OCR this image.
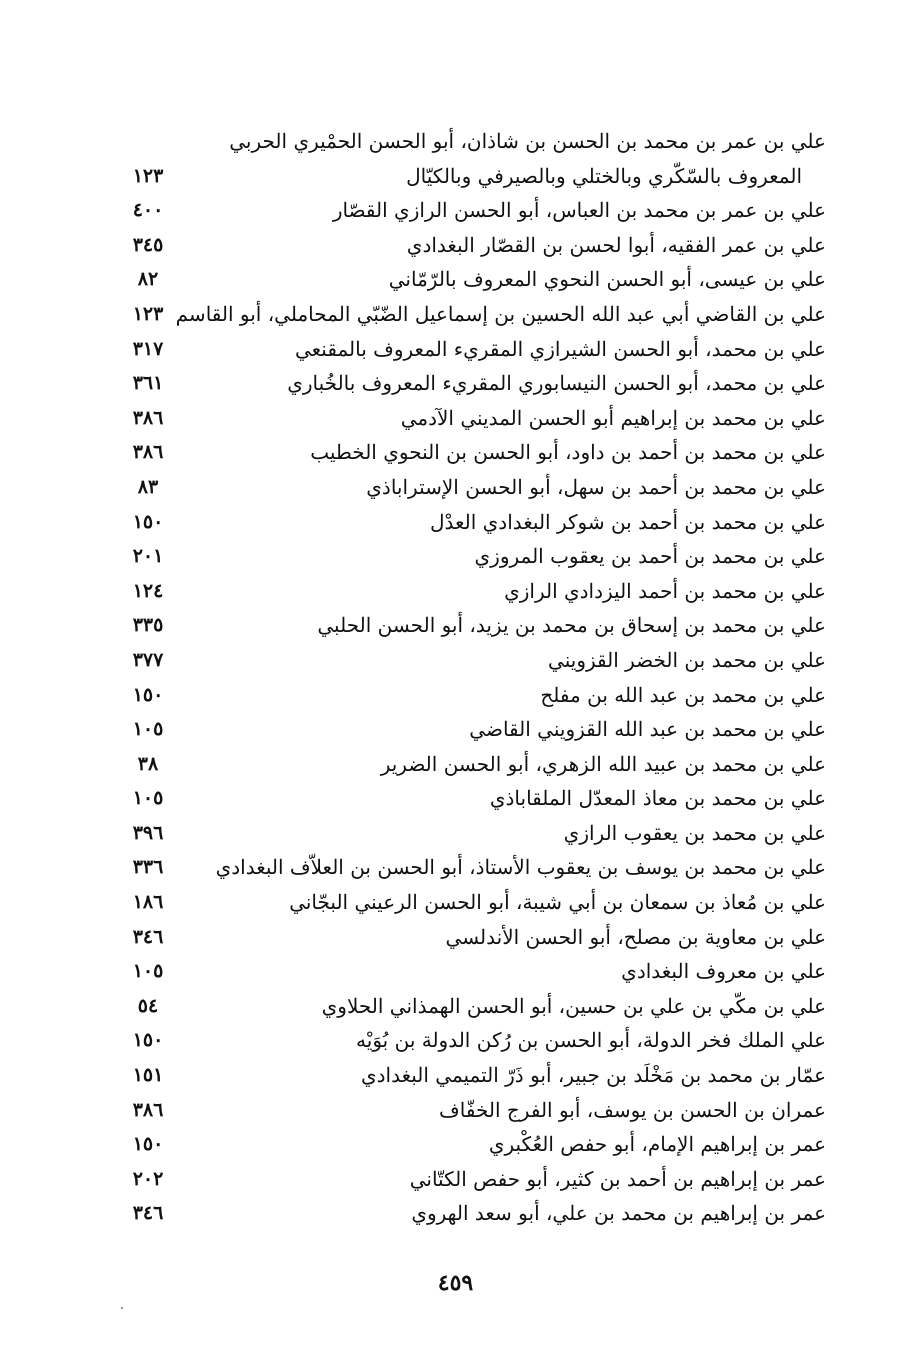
علي بن عمر بن محمد بن الحسن بن شاذان، أبو الحسن الحمْيري الحربي
المعروف بالسّكّري وبالختلي وبالصيرفي وبالكيّال
١٢٣
علي بن عمر بن محمد بن العباس، أبو الحسن الرازي القصّار
٤٠٠
علي بن عمر الفقيه، أبوا لحسن بن القصّار البغدادي
٣٤٥
علي بن عيسى، أبو الحسن النحوي المعروف بالرّمّاني
٨٢
علي بن القاضي أبي عبد الله الحسين بن إسماعيل الضّبّي المحاملي، أبو القاسم
١٢٣
علي بن محمد، أبو الحسن الشيرازي المقريء المعروف بالمقنعي
٣١٧
علي بن محمد، أبو الحسن النيسابوري المقريء المعروف بالخُباري
٣٦١
علي بن محمد بن إبراهيم أبو الحسن المديني الآدمي
٣٨٦
علي بن محمد بن أحمد بن داود، أبو الحسن بن النحوي الخطيب
٣٨٦
علي بن محمد بن أحمد بن سهل، أبو الحسن الإستراباذي
٨٣
علي بن محمد بن أحمد بن شوكر البغدادي العدْل
١٥٠
علي بن محمد بن أحمد بن يعقوب المروزي
٢٠١
علي بن محمد بن أحمد اليزدادي الرازي
١٢٤
علي بن محمد بن إسحاق بن محمد بن يزيد، أبو الحسن الحلبي
٣٣٥
علي بن محمد بن الخضر القزويني
٣٧٧
علي بن محمد بن عبد الله بن مفلح
١٥٠
علي بن محمد بن عبد الله القزويني القاضي
١٠٥
علي بن محمد بن عبيد الله الزهري، أبو الحسن الضرير
٣٨
علي بن محمد بن معاذ المعدّل الملقاباذي
١٠٥
علي بن محمد بن يعقوب الرازي
٣٩٦
علي بن محمد بن يوسف بن يعقوب الأستاذ، أبو الحسن بن العلاّف البغدادي
٣٣٦
علي بن مُعاذ بن سمعان بن أبي شيبة، أبو الحسن الرعيني البجّاني
١٨٦
علي بن معاوية بن مصلح، أبو الحسن الأندلسي
٣٤٦
علي بن معروف البغدادي
١٠٥
علي بن مكّي بن علي بن حسين، أبو الحسن الهمذاني الحلاوي
٥٤
علي الملك فخر الدولة، أبو الحسن بن رُكن الدولة بن بُوَيْه
١٥٠
عمّار بن محمد بن مَخْلَد بن جبير، أبو ذَرّ التميمي البغدادي
١٥١
عمران بن الحسن بن يوسف، أبو الفرج الخفّاف
٣٨٦
عمر بن إبراهيم الإمام، أبو حفص العُكْبري
١٥٠
عمر بن إبراهيم بن أحمد بن كثير، أبو حفص الكتّاني
٢٠٢
عمر بن إبراهيم بن محمد بن علي، أبو سعد الهروي
٣٤٦
٤٥٩
